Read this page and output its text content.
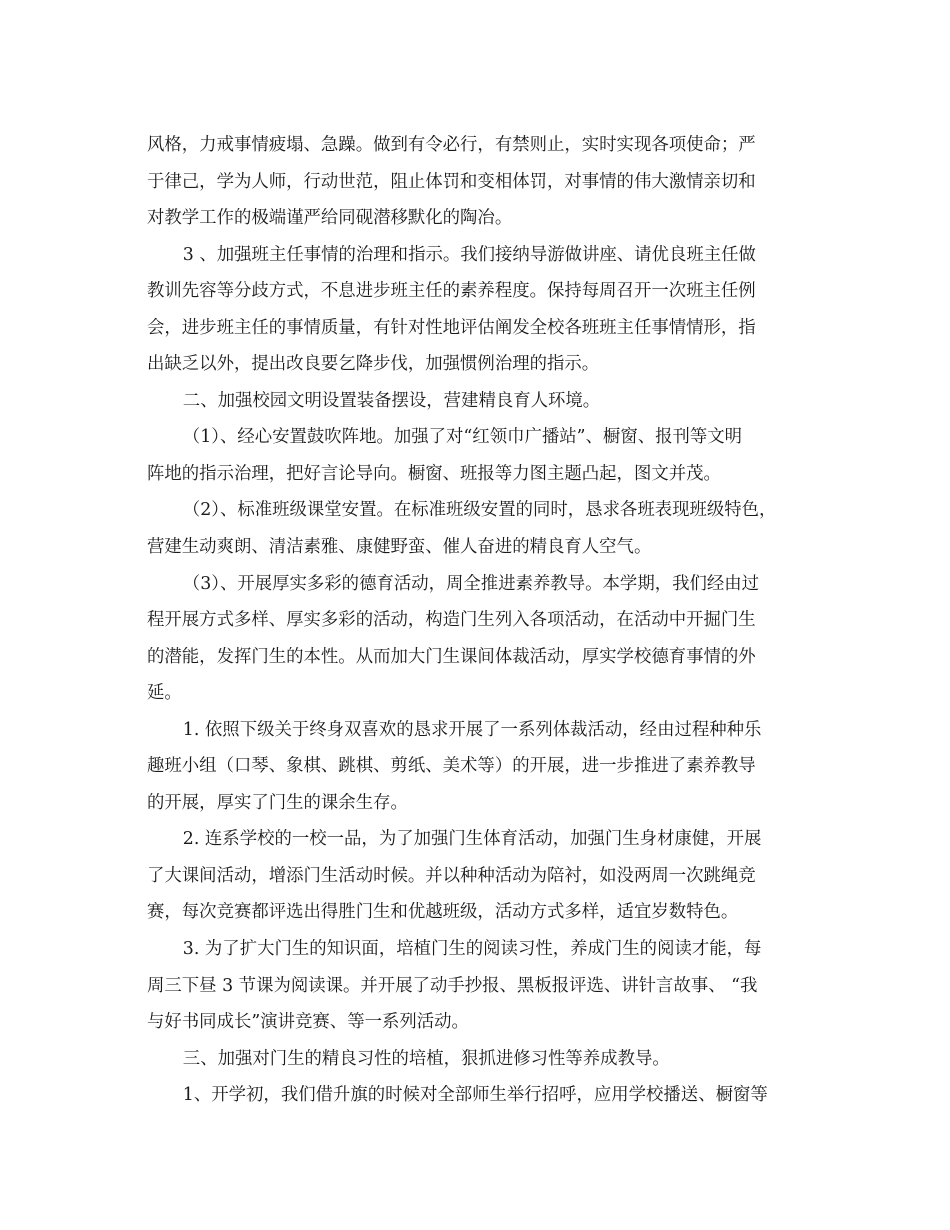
风格，力戒事情疲塌、急躁。做到有令必行，有禁则止，实时实现各项使命；严
于律己，学为人师，行动世范，阻止体罚和变相体罚，对事情的伟大激情亲切和
对教学工作的极端谨严给同砚潜移默化的陶冶。
3 、加强班主任事情的治理和指示。我们接纳导游做讲座、请优良班主任做
教训先容等分歧方式，不息进步班主任的素养程度。保持每周召开一次班主任例
会，进步班主任的事情质量，有针对性地评估阐发全校各班班主任事情情形，指
出缺乏以外，提出改良要乞降步伐，加强惯例治理的指示。
二、加强校园文明设置装备摆设，营建精良育人环境。
（1）、经心安置鼓吹阵地。加强了对“红领巾广播站”、橱窗、报刊等文明
阵地的指示治理，把好言论导向。橱窗、班报等力图主题凸起，图文并茂。
（2）、标准班级课堂安置。在标准班级安置的同时，恳求各班表现班级特色，
营建生动爽朗、清洁素雅、康健野蛮、催人奋进的精良育人空气。
（3）、开展厚实多彩的德育活动，周全推进素养教导。本学期，我们经由过
程开展方式多样、厚实多彩的活动，构造门生列入各项活动，在活动中开掘门生
的潜能，发挥门生的本性。从而加大门生课间体裁活动，厚实学校德育事情的外
延。
1. 依照下级关于终身双喜欢的恳求开展了一系列体裁活动，经由过程种种乐
趣班小组（口琴、象棋、跳棋、剪纸、美术等）的开展，进一步推进了素养教导
的开展，厚实了门生的课余生存。
2. 连系学校的一校一品，为了加强门生体育活动，加强门生身材康健，开展
了大课间活动，增添门生活动时候。并以种种活动为陪衬，如没两周一次跳绳竞
赛，每次竞赛都评选出得胜门生和优越班级，活动方式多样，适宜岁数特色。
3. 为了扩大门生的知识面，培植门生的阅读习性，养成门生的阅读才能，每
周三下昼 3 节课为阅读课。并开展了动手抄报、黑板报评选、讲针言故事、 “我
与好书同成长”演讲竞赛、等一系列活动。
三、加强对门生的精良习性的培植，狠抓进修习性等养成教导。
1、开学初，我们借升旗的时候对全部师生举行招呼，应用学校播送、橱窗等
